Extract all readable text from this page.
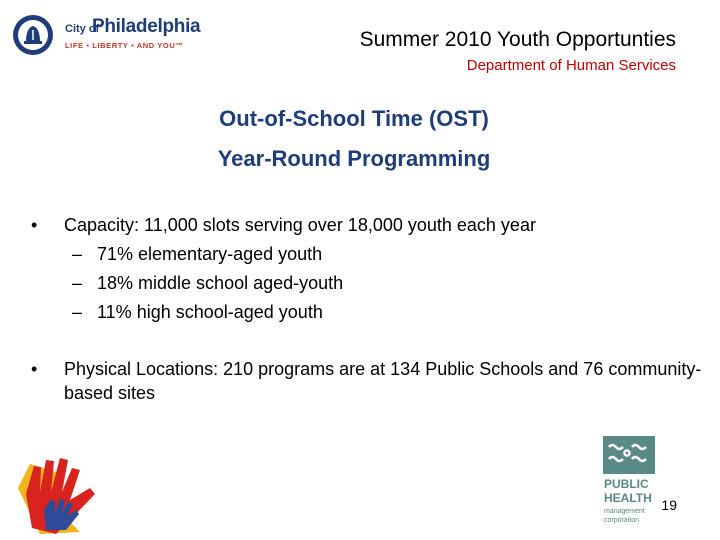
City of
Philadelphia
LIFE • LIBERTY • AND YOU™	Summer 2010 Youth Opportunties
Department of Human Services
Out-of-School Time (OST)
Year-Round Programming
• Capacity: 11,000 slots serving over 18,000 youth each year
– 71% elementary-aged youth
– 18% middle school aged-youth
– 11% high school-aged youth
• Physical Locations: 210 programs are at 134 Public Schools and 76 community-based sites
PUBLIC
HEALTH
management
corporation
19
